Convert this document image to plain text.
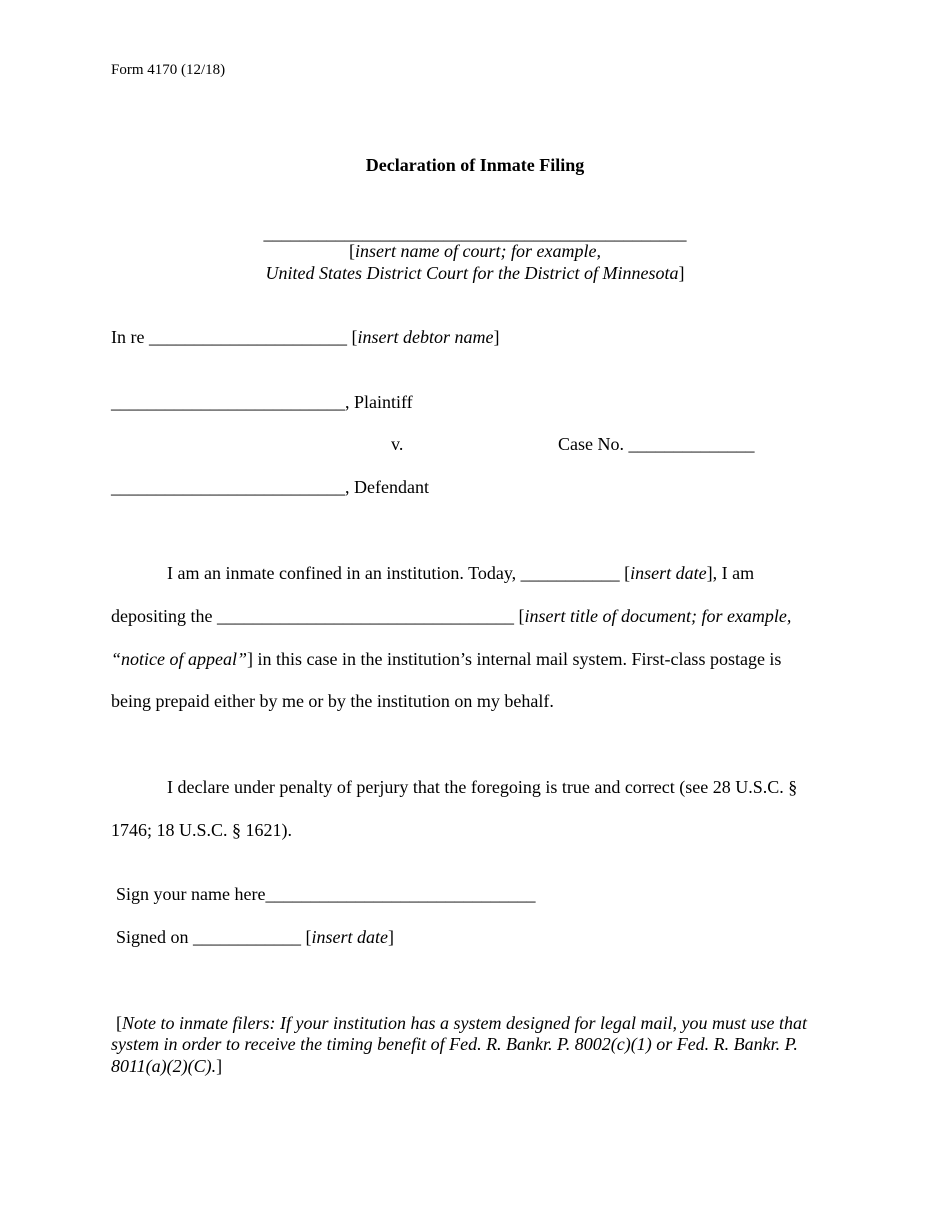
Form 4170 (12/18)
Declaration of Inmate Filing
_______________________________________________
[insert name of court; for example,
United States District Court for the District of Minnesota]
In re ______________________ [insert debtor name]
__________________________, Plaintiff
v.	Case No. ______________
__________________________, Defendant
I am an inmate confined in an institution. Today, ___________ [insert date], I am
depositing the _________________________________ [insert title of document; for example,
“notice of appeal”] in this case in the institution’s internal mail system. First-class postage is
being prepaid either by me or by the institution on my behalf.
I declare under penalty of perjury that the foregoing is true and correct (see 28 U.S.C. §
1746; 18 U.S.C. § 1621).
Sign your name here______________________________
Signed on ____________ [insert date]
[Note to inmate filers: If your institution has a system designed for legal mail, you must use that
system in order to receive the timing benefit of Fed. R. Bankr. P. 8002(c)(1) or Fed. R. Bankr. P.
8011(a)(2)(C).]
